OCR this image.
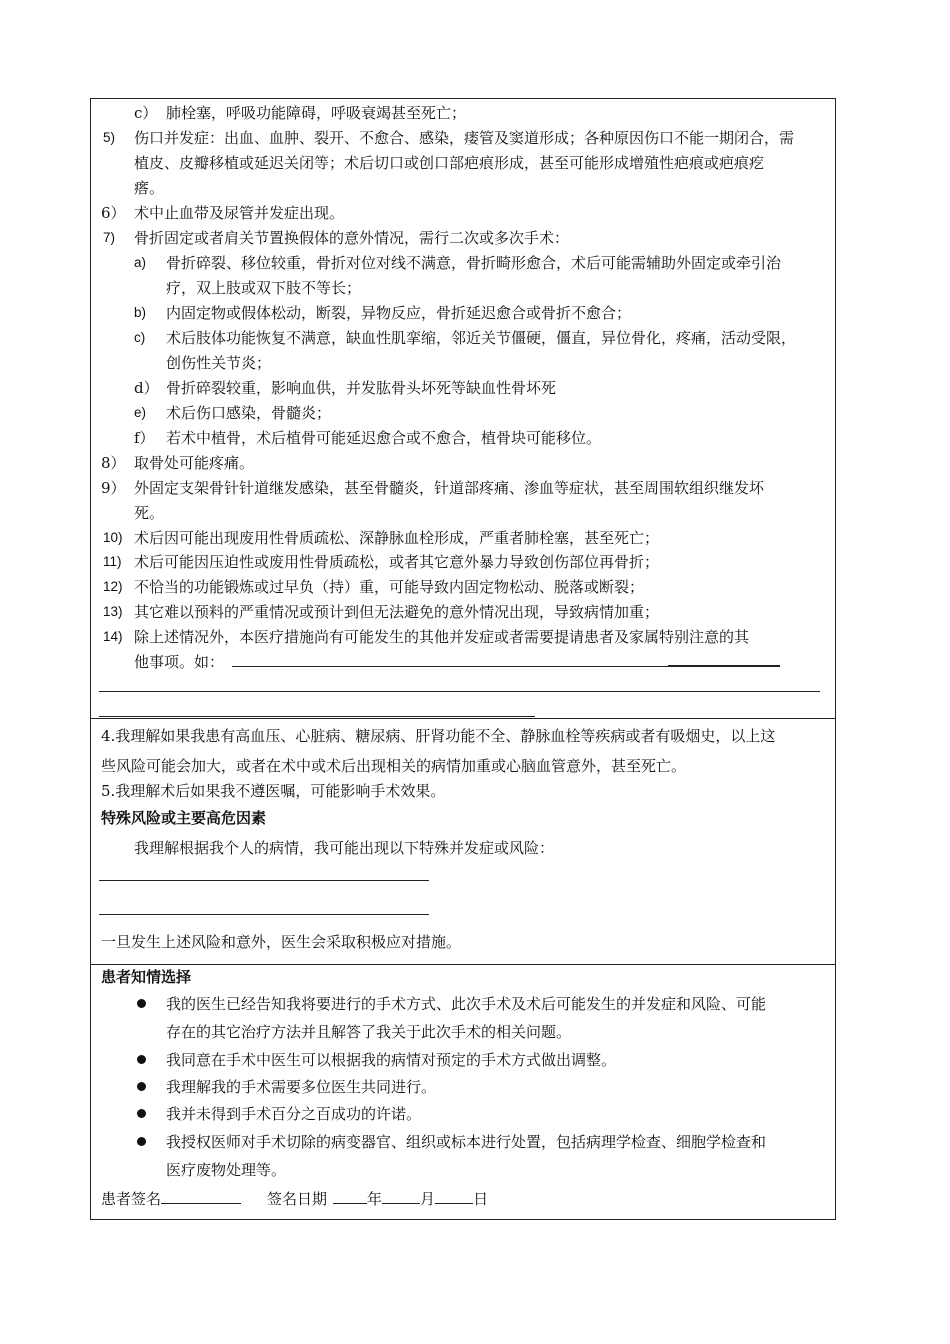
c） 肺栓塞，呼吸功能障碍，呼吸衰竭甚至死亡；
5) 伤口并发症：出血、血肿、裂开、不愈合、感染，瘘管及窦道形成；各种原因伤口不能一期闭合，需
植皮、皮瓣移植或延迟关闭等；术后切口或创口部疤痕形成，甚至可能形成增殖性疤痕或疤痕疙
瘩。
6） 术中止血带及尿管并发症出现。
7) 骨折固定或者肩关节置换假体的意外情况，需行二次或多次手术：
a) 骨折碎裂、移位较重，骨折对位对线不满意，骨折畸形愈合，术后可能需辅助外固定或牵引治
疗，双上肢或双下肢不等长；
b) 内固定物或假体松动，断裂，异物反应，骨折延迟愈合或骨折不愈合；
c) 术后肢体功能恢复不满意，缺血性肌挛缩，邻近关节僵硬，僵直，异位骨化，疼痛，活动受限，
创伤性关节炎；
d） 骨折碎裂较重，影响血供，并发肱骨头坏死等缺血性骨坏死
e) 术后伤口感染，骨髓炎；
f） 若术中植骨，术后植骨可能延迟愈合或不愈合，植骨块可能移位。
8） 取骨处可能疼痛。
9） 外固定支架骨针针道继发感染，甚至骨髓炎，针道部疼痛、渗血等症状，甚至周围软组织继发坏
死。
10) 术后因可能出现废用性骨质疏松、深静脉血栓形成，严重者肺栓塞，甚至死亡；
11) 术后可能因压迫性或废用性骨质疏松，或者其它意外暴力导致创伤部位再骨折；
12) 不恰当的功能锻炼或过早负（持）重，可能导致内固定物松动、脱落或断裂；
13) 其它难以预料的严重情况或预计到但无法避免的意外情况出现，导致病情加重；
14) 除上述情况外，本医疗措施尚有可能发生的其他并发症或者需要提请患者及家属特别注意的其
他事项。如：
4.我理解如果我患有高血压、心脏病、糖尿病、肝肾功能不全、静脉血栓等疾病或者有吸烟史，以上这
些风险可能会加大，或者在术中或术后出现相关的病情加重或心脑血管意外，甚至死亡。
5.我理解术后如果我不遵医嘱，可能影响手术效果。
特殊风险或主要高危因素
我理解根据我个人的病情，我可能出现以下特殊并发症或风险：
一旦发生上述风险和意外，医生会采取积极应对措施。
患者知情选择
我的医生已经告知我将要进行的手术方式、此次手术及术后可能发生的并发症和风险、可能
存在的其它治疗方法并且解答了我关于此次手术的相关问题。
我同意在手术中医生可以根据我的病情对预定的手术方式做出调整。
我理解我的手术需要多位医生共同进行。
我并未得到手术百分之百成功的许诺。
我授权医师对手术切除的病变器官、组织或标本进行处置，包括病理学检查、细胞学检查和
医疗废物处理等。
患者签名	签名日期	年	月	日
